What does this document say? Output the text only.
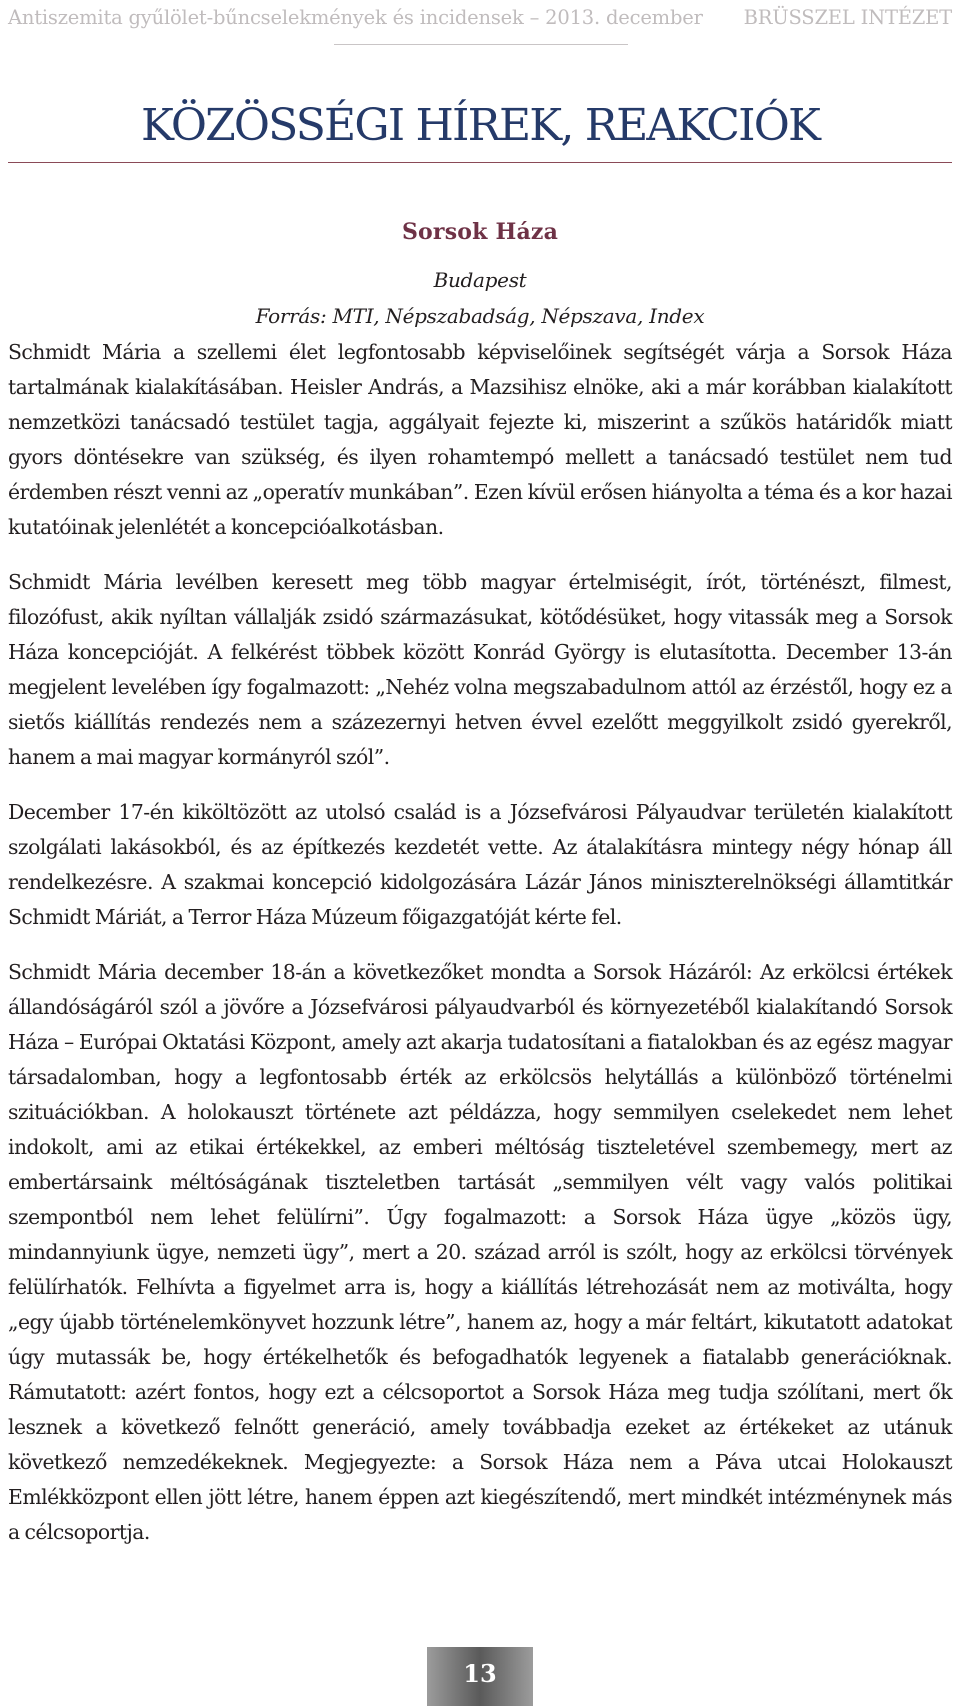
Antiszemita gyűlölet-bűncselekmények és incidensek – 2013. december BRÜSSZEL INTÉZET
KÖZÖSSÉGI HÍREK, REAKCIÓK
Sorsok Háza
Budapest
Forrás: MTI, Népszabadság, Népszava, Index

Schmidt Mária a szellemi élet legfontosabb képviselőinek segítségét várja a Sorsok Háza tartalmának kialakításában. Heisler András, a Mazsihisz elnöke, aki a már korábban kialakított nemzetközi tanácsadó testület tagja, aggályait fejezte ki, miszerint a szűkös határidők miatt gyors döntésekre van szükség, és ilyen rohamtempó mellett a tanácsadó testület nem tud érdemben részt venni az „operatív munkában”. Ezen kívül erősen hiányolta a téma és a kor hazai kutatóinak jelenlétét a koncepcióalkotásban.

Schmidt Mária levélben keresett meg több magyar értelmiségit, írót, történészt, filmest, filozófust, akik nyíltan vállalják zsidó származásukat, kötődésüket, hogy vitassák meg a Sorsok Háza koncepcióját. A felkérést többek között Konrád György is elutasította. December 13-án megjelent levelében így fogalmazott: „Nehéz volna megszabadulnom attól az érzéstől, hogy ez a sietős kiállítás rendezés nem a százezernyi hetven évvel ezelőtt meggyilkolt zsidó gyerekről, hanem a mai magyar kormányról szól”.

December 17-én kiköltözött az utolsó család is a Józsefvárosi Pályaudvar területén kialakított szolgálati lakásokból, és az építkezés kezdetét vette. Az átalakításra mintegy négy hónap áll rendelkezésre. A szakmai koncepció kidolgozására Lázár János miniszterelnökségi államtitkár Schmidt Máriát, a Terror Háza Múzeum főigazgatóját kérte fel.

Schmidt Mária december 18-án a következőket mondta a Sorsok Házáról: Az erkölcsi értékek állandóságáról szól a jövőre a Józsefvárosi pályaudvarból és környezetéből kialakítandó Sorsok Háza – Európai Oktatási Központ, amely azt akarja tudatosítani a fiatalokban és az egész magyar társadalomban, hogy a legfontosabb érték az erkölcsös helytállás a különböző történelmi szituációkban. A holokauszt története azt példázza, hogy semmilyen cselekedet nem lehet indokolt, ami az etikai értékekkel, az emberi méltóság tiszteletével szembemegy, mert az embertársaink méltóságának tiszteletben tartását „semmilyen vélt vagy valós politikai szempontból nem lehet felülírni”. Úgy fogalmazott: a Sorsok Háza ügye „közös ügy, mindannyiunk ügye, nemzeti ügy”, mert a 20. század arról is szólt, hogy az erkölcsi törvények felülírhatók. Felhívta a figyelmet arra is, hogy a kiállítás létrehozását nem az motiválta, hogy „egy újabb történelemkönyvet hozzunk létre”, hanem az, hogy a már feltárt, kikutatott adatokat úgy mutassák be, hogy értékelhetők és befogadhatók legyenek a fiatalabb generációknak. Rámutatott: azért fontos, hogy ezt a célcsoportot a Sorsok Háza meg tudja szólítani, mert ők lesznek a következő felnőtt generáció, amely továbbadja ezeket az értékeket az utánuk következő nemzedékeknek. Megjegyezte: a Sorsok Háza nem a Páva utcai Holokauszt Emlékközpont ellen jött létre, hanem éppen azt kiegészítendő, mert mindkét intézménynek más a célcsoportja.

13
